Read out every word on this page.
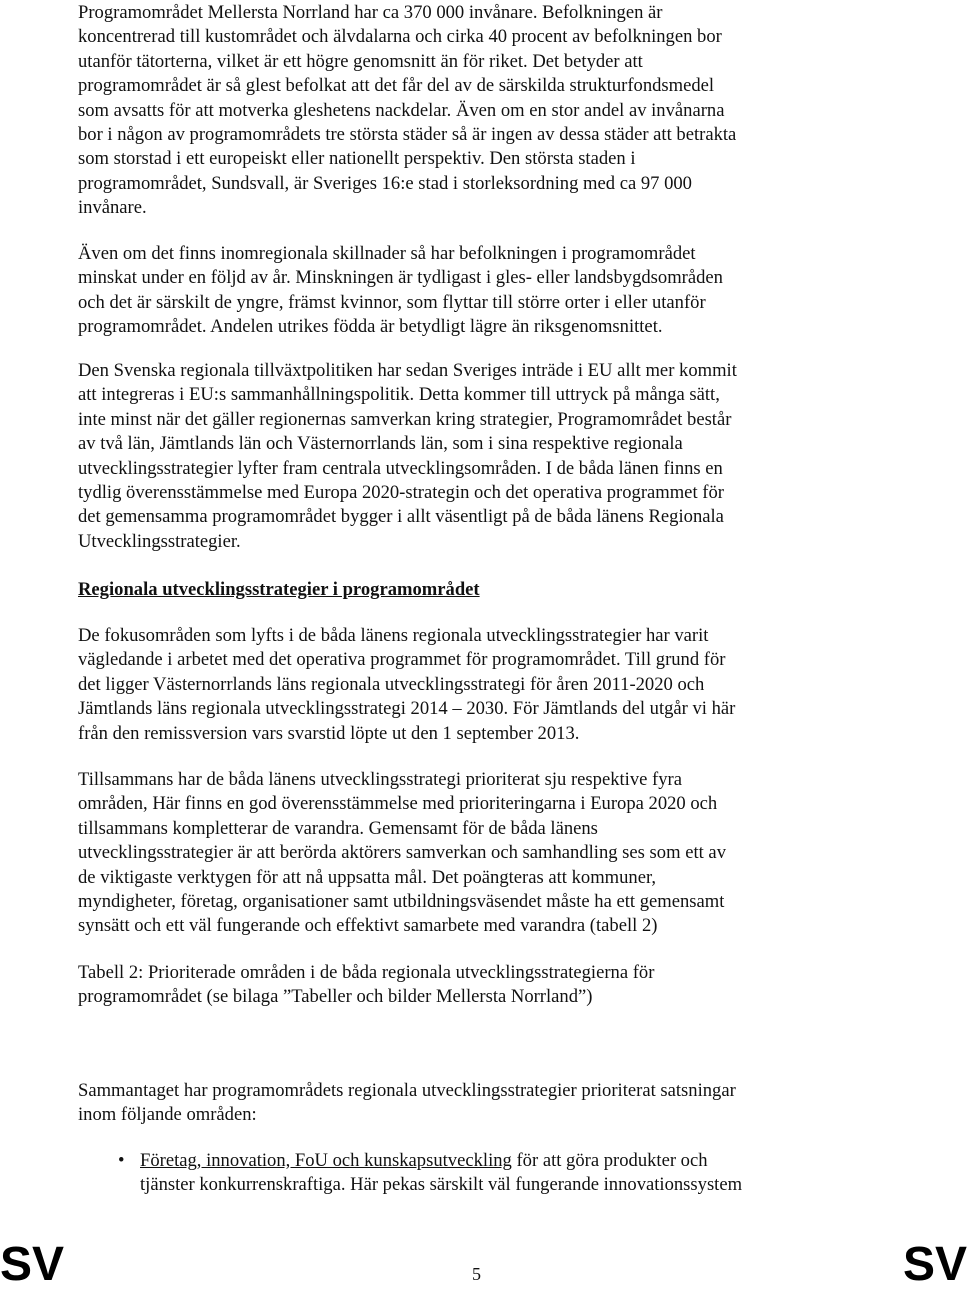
Programområdet Mellersta Norrland har ca 370 000 invånare. Befolkningen är
koncentrerad till kustområdet och älvdalarna och cirka 40 procent av befolkningen bor
utanför tätorterna, vilket är ett högre genomsnitt än för riket. Det betyder att
programområdet är så glest befolkat att det får del av de särskilda strukturfondsmedel
som avsatts för att motverka gleshetens nackdelar. Även om en stor andel av invånarna
bor i någon av programområdets tre största städer så är ingen av dessa städer att betrakta
som storstad i ett europeiskt eller nationellt perspektiv. Den största staden i
programområdet, Sundsvall, är Sveriges 16:e stad i storleksordning med ca 97 000
invånare.

Även om det finns inomregionala skillnader så har befolkningen i programområdet
minskat under en följd av år. Minskningen är tydligast i gles- eller landsbygdsområden
och det är särskilt de yngre, främst kvinnor, som flyttar till större orter i eller utanför
programområdet. Andelen utrikes födda är betydligt lägre än riksgenomsnittet.

Den Svenska regionala tillväxtpolitiken har sedan Sveriges inträde i EU allt mer kommit
att integreras i EU:s sammanhållningspolitik. Detta kommer till uttryck på många sätt,
inte minst när det gäller regionernas samverkan kring strategier, Programområdet består
av två län, Jämtlands län och Västernorrlands län, som i sina respektive regionala
utvecklingsstrategier lyfter fram centrala utvecklingsområden. I de båda länen finns en
tydlig överensstämmelse med Europa 2020-strategin och det operativa programmet för
det gemensamma programområdet bygger i allt väsentligt på de båda länens Regionala
Utvecklingsstrategier.

Regionala utvecklingsstrategier i programområdet

De fokusområden som lyfts i de båda länens regionala utvecklingsstrategier har varit
vägledande i arbetet med det operativa programmet för programområdet. Till grund för
det ligger Västernorrlands läns regionala utvecklingsstrategi för åren 2011-2020 och
Jämtlands läns regionala utvecklingsstrategi 2014 – 2030. För Jämtlands del utgår vi här
från den remissversion vars svarstid löpte ut den 1 september 2013.

Tillsammans har de båda länens utvecklingsstrategi prioriterat sju respektive fyra
områden, Här finns en god överensstämmelse med prioriteringarna i Europa 2020 och
tillsammans kompletterar de varandra. Gemensamt för de båda länens
utvecklingsstrategier är att berörda aktörers samverkan och samhandling ses som ett av
de viktigaste verktygen för att nå uppsatta mål. Det poängteras att kommuner,
myndigheter, företag, organisationer samt utbildningsväsendet måste ha ett gemensamt
synsätt och ett väl fungerande och effektivt samarbete med varandra (tabell 2)

Tabell 2: Prioriterade områden i de båda regionala utvecklingsstrategierna för
programområdet (se bilaga ”Tabeller och bilder Mellersta Norrland”)

Sammantaget har programområdets regionala utvecklingsstrategier prioriterat satsningar
inom följande områden:

• Företag, innovation, FoU och kunskapsutveckling för att göra produkter och
tjänster konkurrenskraftiga. Här pekas särskilt väl fungerande innovationssystem
SV	SV
5
